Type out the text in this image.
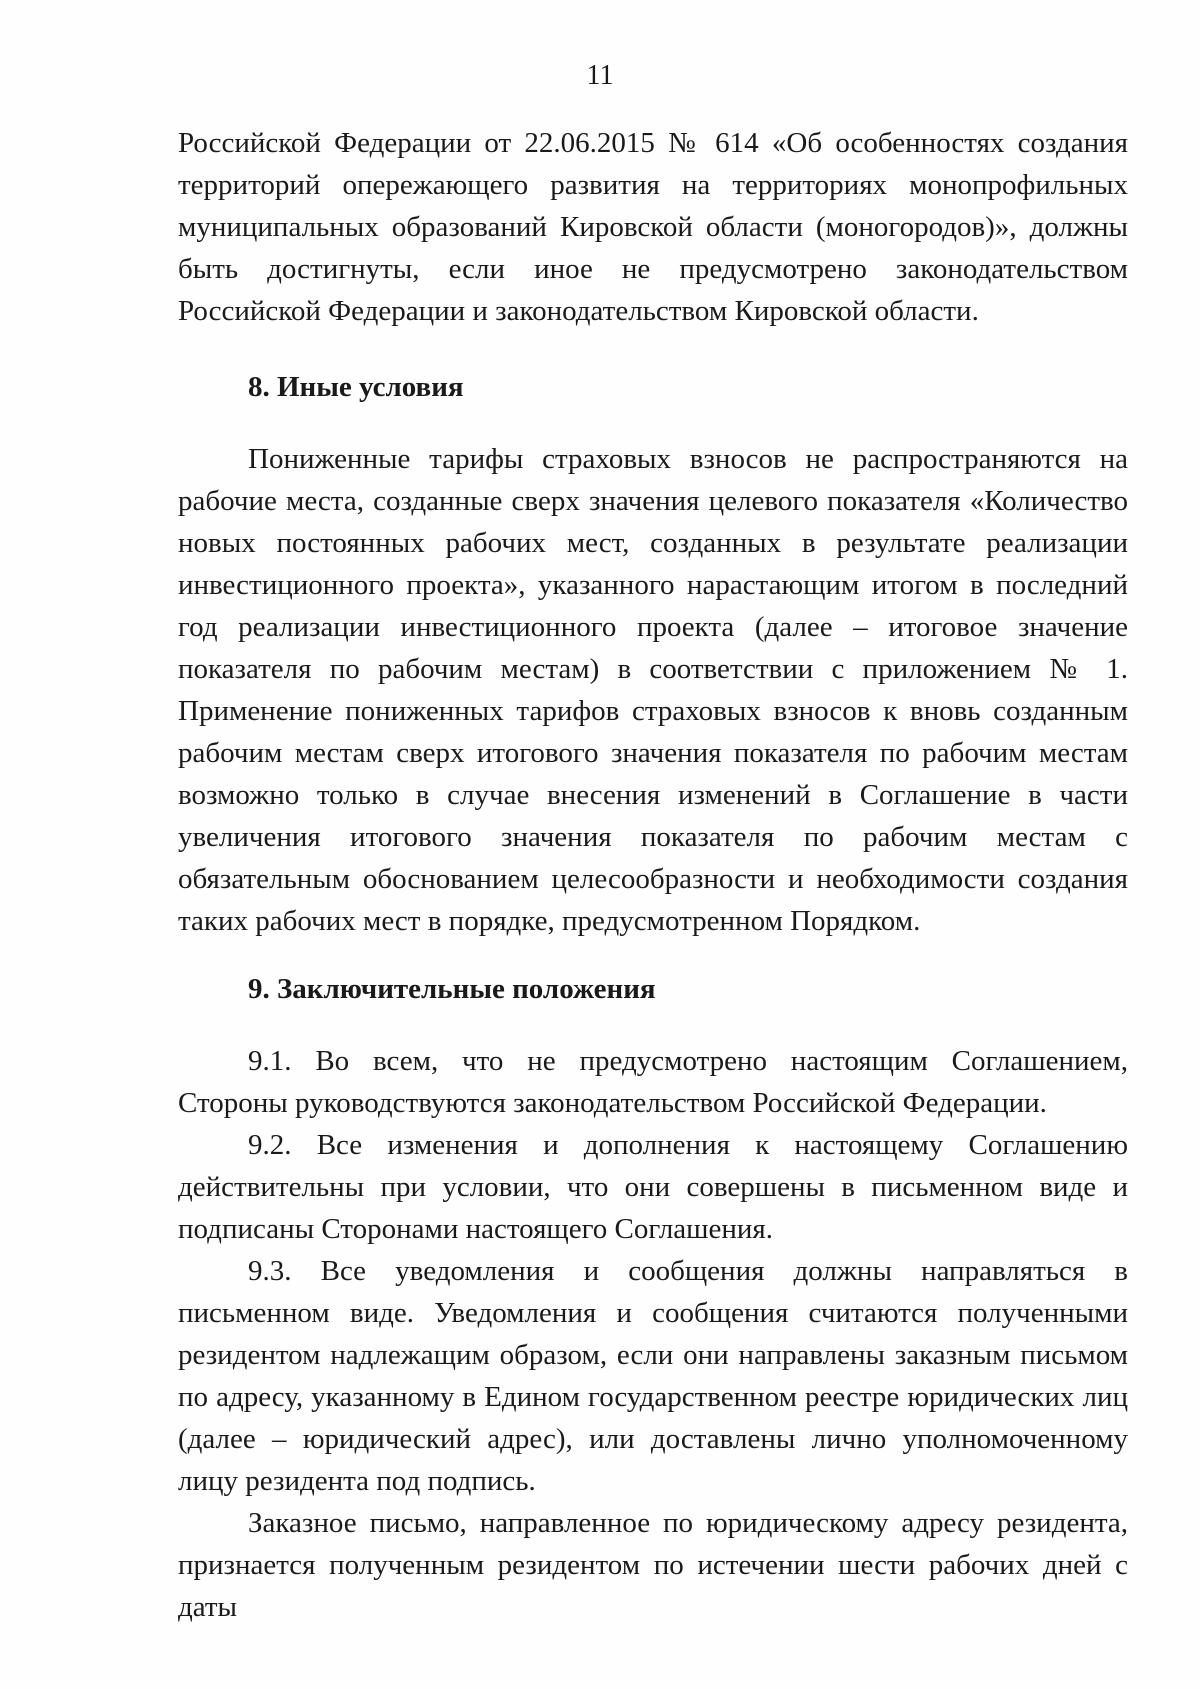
11

Российской Федерации от 22.06.2015 № 614 «Об особенностях создания территорий опережающего развития на территориях монопрофильных муниципальных образований Кировской области (моногородов)», должны быть достигнуты, если иное не предусмотрено законодательством Российской Федерации и законодательством Кировской области.

8. Иные условия

Пониженные тарифы страховых взносов не распространяются на рабочие места, созданные сверх значения целевого показателя «Количество новых постоянных рабочих мест, созданных в результате реализации инвестиционного проекта», указанного нарастающим итогом в последний год реализации инвестиционного проекта (далее – итоговое значение показателя по рабочим местам) в соответствии с приложением № 1. Применение пониженных тарифов страховых взносов к вновь созданным рабочим местам сверх итогового значения показателя по рабочим местам возможно только в случае внесения изменений в Соглашение в части увеличения итогового значения показателя по рабочим местам с обязательным обоснованием целесообразности и необходимости создания таких рабочих мест в порядке, предусмотренном Порядком.

9. Заключительные положения

9.1. Во всем, что не предусмотрено настоящим Соглашением, Стороны руководствуются законодательством Российской Федерации.

9.2. Все изменения и дополнения к настоящему Соглашению действительны при условии, что они совершены в письменном виде и подписаны Сторонами настоящего Соглашения.

9.3. Все уведомления и сообщения должны направляться в письменном виде. Уведомления и сообщения считаются полученными резидентом надлежащим образом, если они направлены заказным письмом по адресу, указанному в Едином государственном реестре юридических лиц (далее – юридический адрес), или доставлены лично уполномоченному лицу резидента под подпись.

Заказное письмо, направленное по юридическому адресу резидента, признается полученным резидентом по истечении шести рабочих дней с даты
